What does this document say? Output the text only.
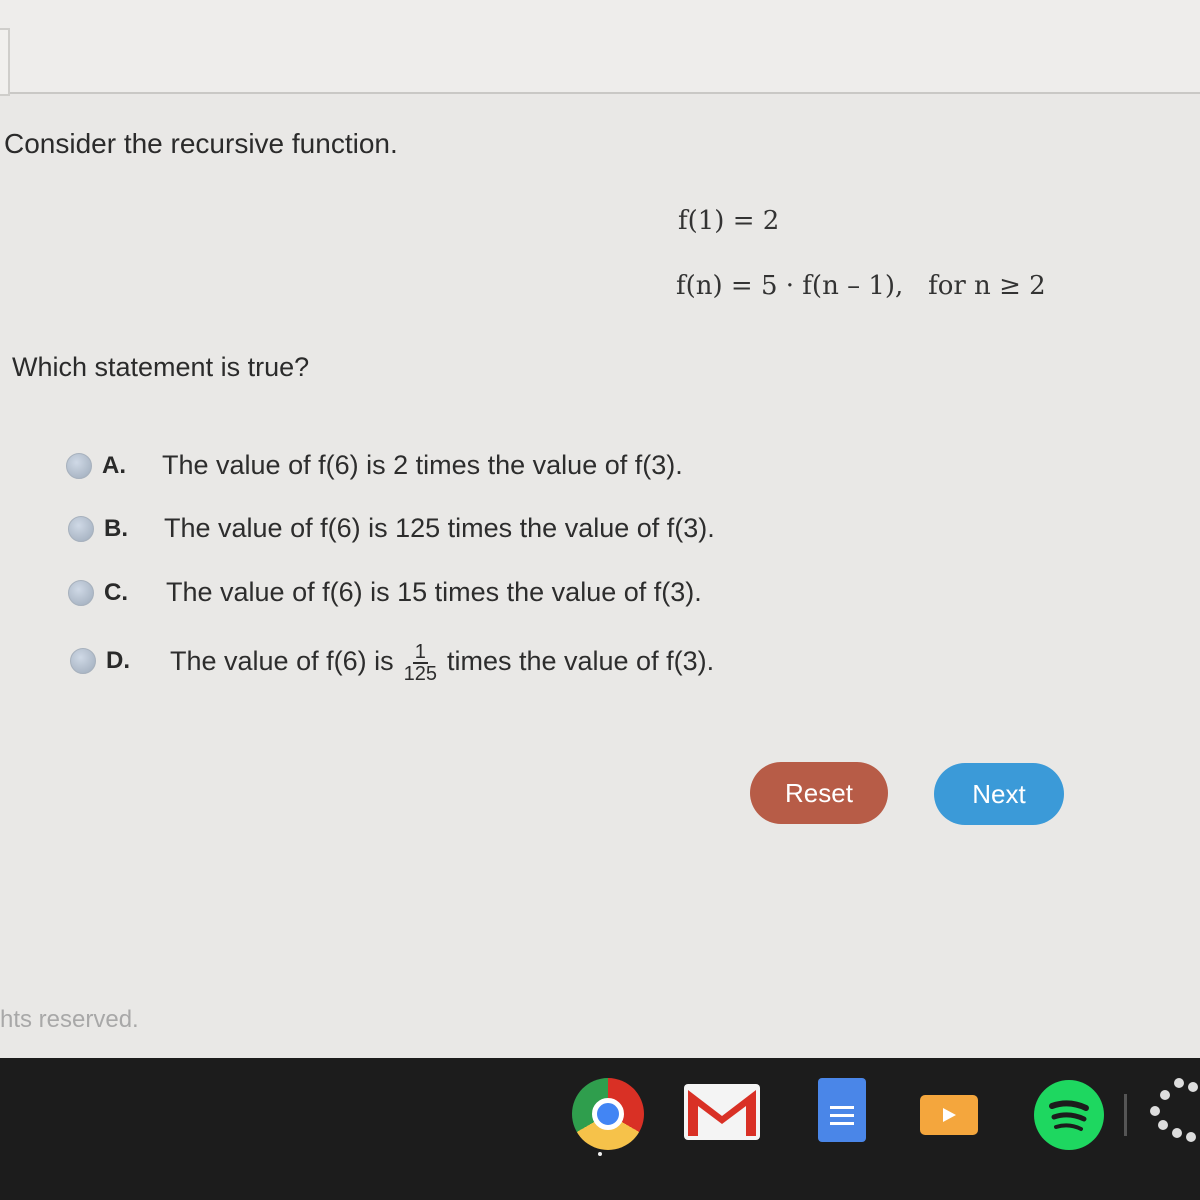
Consider the recursive function.
f(1) = 2
f(n) = 5 · f(n – 1),   for n ≥ 2
Which statement is true?
A.	The value of f(6) is 2 times the value of f(3).
B.	The value of f(6) is 125 times the value of f(3).
C.	The value of f(6) is 15 times the value of f(3).
D.	The value of f(6) is $\frac{1}{125}$ times the value of f(3).
Reset	Next
hts reserved.
